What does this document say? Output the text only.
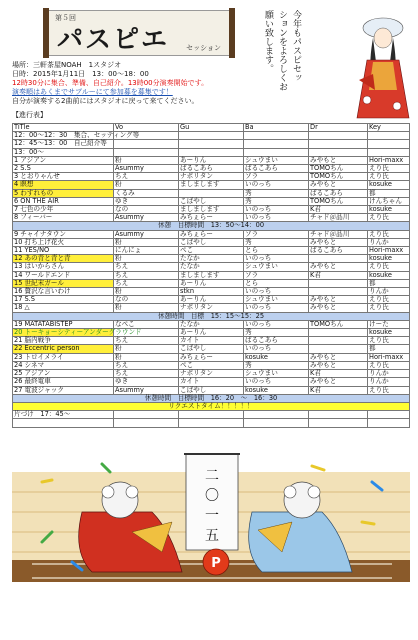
第５回
パスピエ セッション	今年もパスピセッ
ションをよろしくお
願い致します。
場所：三軒茶屋NOAH　1スタジオ
日時：2015年1月11日　13：00～18：00
12時30分に集合、準備、自己紹介。13時00分演奏開始です。
演奏順はあくまでサブルーにて参加募を募集です！
自分が演奏する2曲前にはスタジオに戻って来てください。
【進行表】
TiTle	Vo	Gu	Ba	Dr	Key
12：00～12：30　集合、セッティング等					
12：45～13：00　自己紹介等					
13：00～					
1 アジアン	粉	あーりん	シュウまい	みやもと	Hori-maxx
2 S.S	Asummy	ぱるこあら	ぱるこあら	TOMOちん	えり氏
3 とおりゃんせ	ちえ	ナポリタン	ソラ	TOMOちん	えり氏
4 瞑想	粉	ましまします	いのっち	みやもと	kosuke
5 わすれもの	くるみ		秀	ぱるこあら	都
6 ON THE AIR	ゆき	こばやし	秀	TOMOちん	けんちゃん
7 七色の少年	なの	ましまします	いのっち	K君	kosuke
8 フィーバー	Asummy	みちぇらー	いのっち	チャド＠品川	えり氏
休憩　目標時間　13：50～14：00					
9 チャイナタウン	Asummy	みちぇらー	ソラ	チャド＠品川	えり氏
10 打ち上げ花火	粉	こばやし	秀	みやもと	りんか
11 YES/NO	にんにょ	ぺこ	とら	ぱるこあら	Hori-maxx
12 あの青と青と青	粉	たなか	いのっち		kosuke
13 はいからさん	ちえ	たなか	シュウまい	みやもと	えり氏
14 ワールドエンド	ちえ	ましまします	ソラ	K君	kosuke
15 世紀末ガール	ちえ	あーりん	とら		都
16 贅沢な言いわけ	粉	stkn	いのっち		りんか
17 S.S	なの	あーりん	シュウまい	みやもと	えり氏
18 △	粉	ナポリタン	いのっち	みやもと	えり氏
休憩時間　目標　15：15～15：25					
19 MATATABISTEP	なぺこ	たなか	いのっち	TOMOちん	けーた
20 トーキョーシティーアンダーグラウンド		あーりん	秀		kosuke
21 脳内戦争	ちえ	カイト	ぱるこあら		えり氏
22 Eccentric person	粉	こばやし	いのっち		都
23 トロイメライ	粉	みちぇらー	kosuke	みやもと	Hori-maxx
24 シネマ	ちえ	ぺこ	秀	みやもと	えり氏
25 アジアン	ちえ	ナポリタン	シュウまい	K君	りんか
26 最終電車	ゆき	カイト	いのっち	みやもと	りんか
27 電波ジャック	Asummy	こばやし	kosuke	K君	えり氏
休憩時間　目標時間　16：20　～　16：30					
リクエストタイム！！！！！					
片づけ　17：45～					

二
〇
一
五
P
